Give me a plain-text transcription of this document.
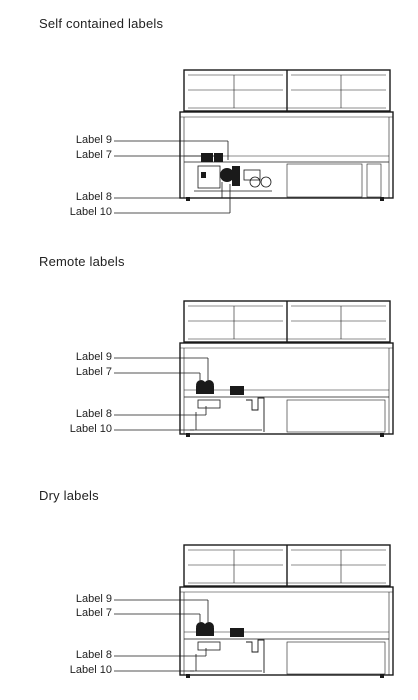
Self contained labels
Label 9
Label 7
Label 8
Label 10
Remote labels
Label 9
Label 7
Label 8
Label 10
Dry labels
Label 9
Label 7
Label 8
Label 10
